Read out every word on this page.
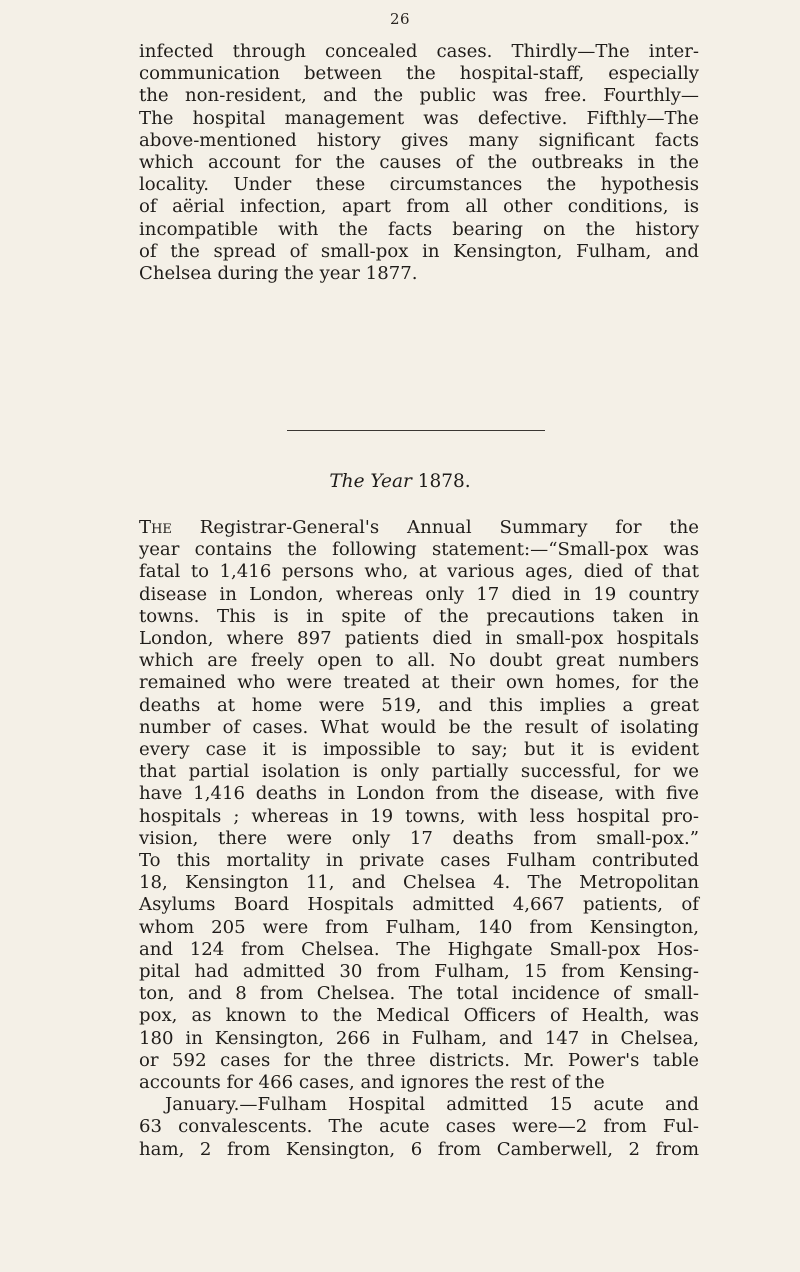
26
infected through concealed cases. Thirdly—The inter-
communication between the hospital-staff, especially
the non-resident, and the public was free. Fourthly—
The hospital management was defective. Fifthly—The
above-mentioned history gives many significant facts
which account for the causes of the outbreaks in the
locality. Under these circumstances the hypothesis
of aërial infection, apart from all other conditions, is
incompatible with the facts bearing on the history
of the spread of small-pox in Kensington, Fulham, and
Chelsea during the year 1877.
The Year 1878.
The Registrar-General's Annual Summary for the
year contains the following statement:—“Small-pox was
fatal to 1,416 persons who, at various ages, died of that
disease in London, whereas only 17 died in 19 country
towns. This is in spite of the precautions taken in
London, where 897 patients died in small-pox hospitals
which are freely open to all. No doubt great numbers
remained who were treated at their own homes, for the
deaths at home were 519, and this implies a great
number of cases. What would be the result of isolating
every case it is impossible to say; but it is evident
that partial isolation is only partially successful, for we
have 1,416 deaths in London from the disease, with five
hospitals ; whereas in 19 towns, with less hospital pro-
vision, there were only 17 deaths from small-pox.”
To this mortality in private cases Fulham contributed
18, Kensington 11, and Chelsea 4. The Metropolitan
Asylums Board Hospitals admitted 4,667 patients, of
whom 205 were from Fulham, 140 from Kensington,
and 124 from Chelsea. The Highgate Small-pox Hos-
pital had admitted 30 from Fulham, 15 from Kensing-
ton, and 8 from Chelsea. The total incidence of small-
pox, as known to the Medical Officers of Health, was
180 in Kensington, 266 in Fulham, and 147 in Chelsea,
or 592 cases for the three districts. Mr. Power's table
accounts for 466 cases, and ignores the rest of the
January.—Fulham Hospital admitted 15 acute and
63 convalescents. The acute cases were—2 from Ful-
ham, 2 from Kensington, 6 from Camberwell, 2 from
